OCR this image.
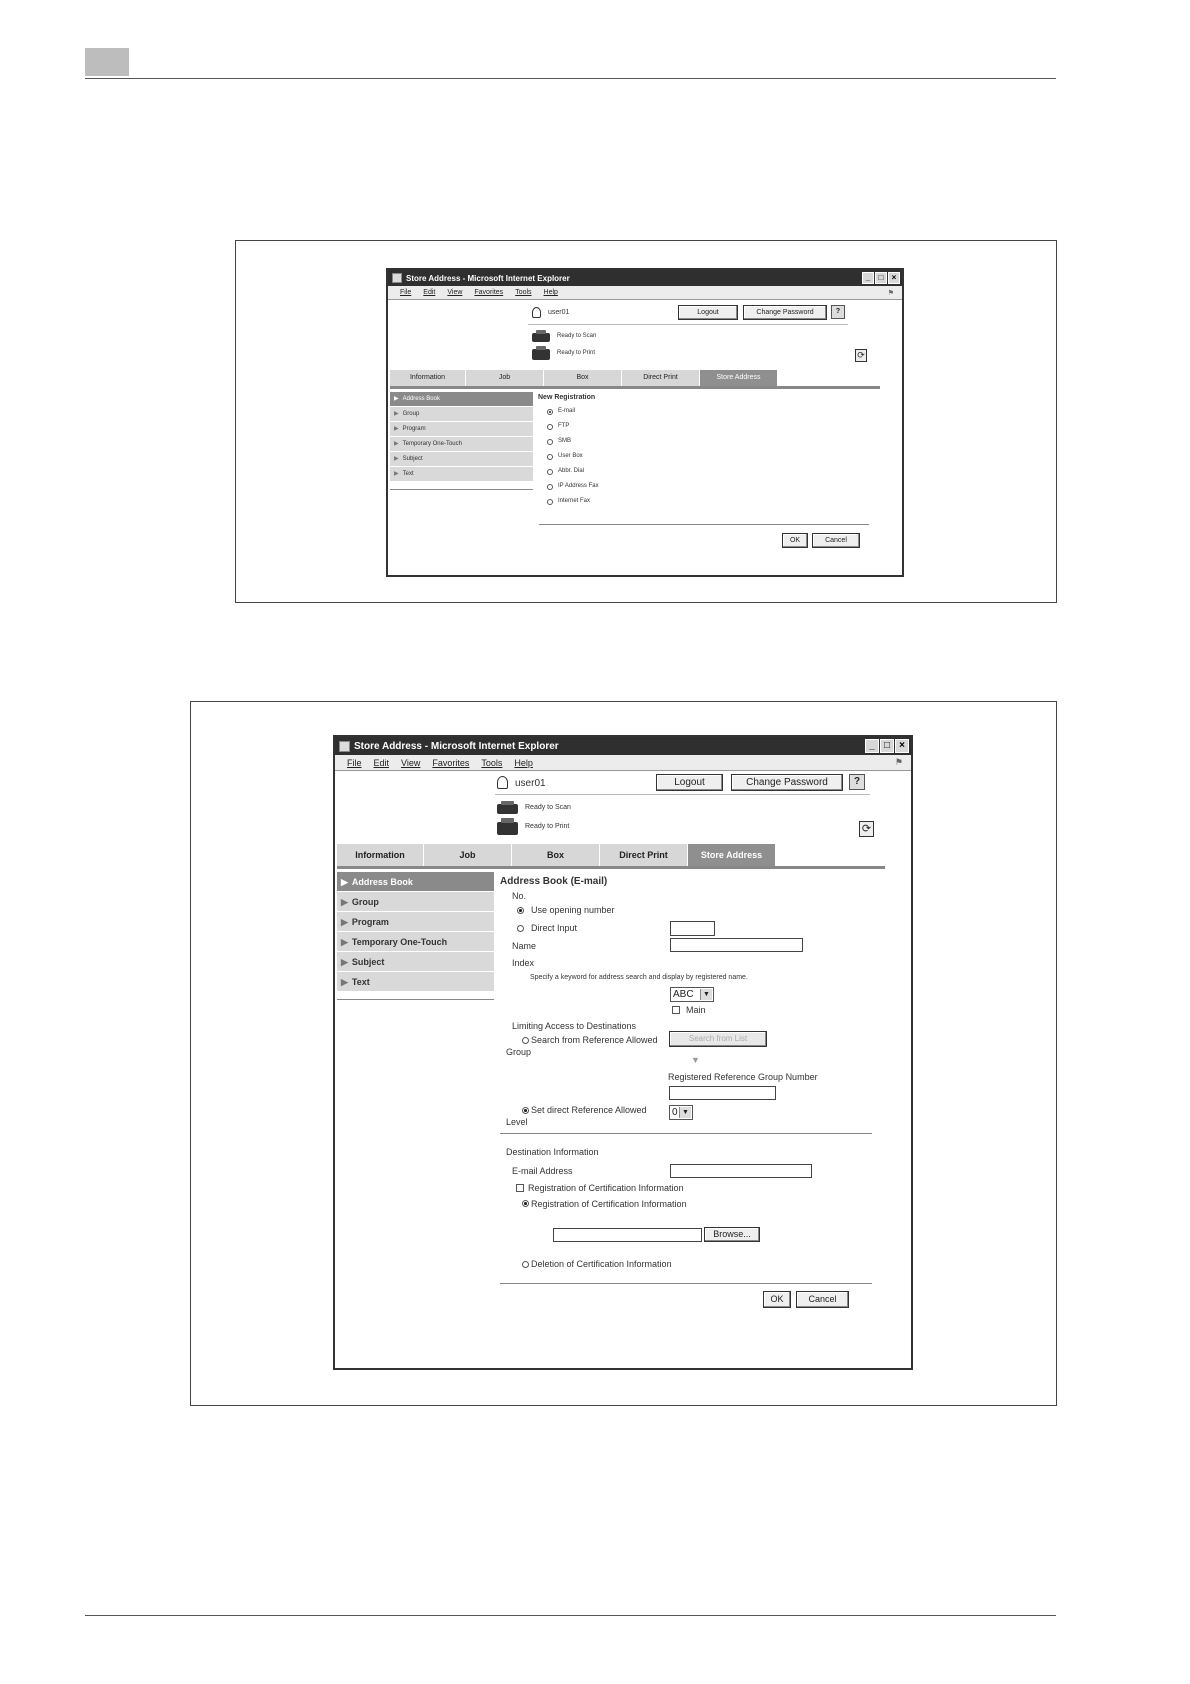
Store Address - Microsoft Internet Explorer	_	□	×
File Edit View Favorites Tools Help	⚑
user01	Logout	Change Password	?
Ready to Scan
Ready to Print	⟳
Information	Job	Box	Direct Print	Store Address
▶ Address Book
▶ Group
▶ Program
▶ Temporary One-Touch
▶ Subject
▶ Text
New Registration
E-mail
FTP
SMB
User Box
Abbr. Dial
IP Address Fax
Internet Fax
OK	Cancel
Store Address - Microsoft Internet Explorer	_ □ ×
File Edit View Favorites Tools Help	⚑
user01	Logout	Change Password	?
Ready to Scan
Ready to Print	⟳
Information	Job	Box	Direct Print	Store Address
▶ Address Book
▶ Group
▶ Program
▶ Temporary One-Touch
▶ Subject
▶ Text
Address Book (E-mail)
No.
Use opening number
Direct Input
Name
Index
Specify a keyword for address search and display by registered name.
ABC	▼
Main
Limiting Access to Destinations
Search from Reference Allowed
Group
Search from List
▼
Registered Reference Group Number
Set direct Reference Allowed
Level
0 ▼
Destination Information
E-mail Address
Registration of Certification Information
Registration of Certification Information
Browse...
Deletion of Certification Information
OK	Cancel
